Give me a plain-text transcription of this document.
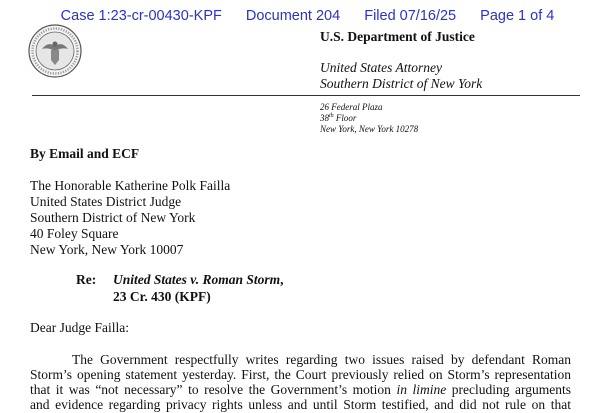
Case 1:23-cr-00430-KPF Document 204 Filed 07/16/25 Page 1 of 4
U.S. Department of Justice
United States Attorney
Southern District of New York
26 Federal Plaza
38th Floor
New York, New York 10278
By Email and ECF
The Honorable Katherine Polk Failla
United States District Judge
Southern District of New York
40 Foley Square
New York, New York 10007
Re: United States v. Roman Storm,
23 Cr. 430 (KPF)
Dear Judge Failla:
The Government respectfully writes regarding two issues raised by defendant Roman
Storm’s opening statement yesterday. First, the Court previously relied on Storm’s representation
that it was “not necessary” to resolve the Government’s motion in limine precluding arguments
and evidence regarding privacy rights unless and until Storm testified, and did not rule on that
